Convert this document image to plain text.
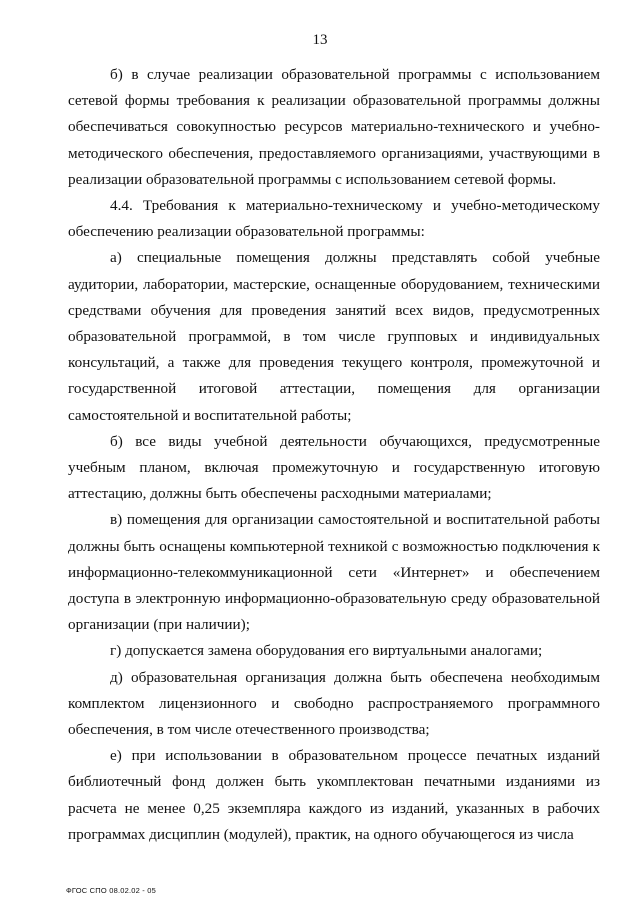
13

б) в случае реализации образовательной программы с использованием сетевой формы требования к реализации образовательной программы должны обеспечиваться совокупностью ресурсов материально-технического и учебно-методического обеспечения, предоставляемого организациями, участвующими в реализации образовательной программы с использованием сетевой формы.

4.4. Требования к материально-техническому и учебно-методическому обеспечению реализации образовательной программы:

а) специальные помещения должны представлять собой учебные аудитории, лаборатории, мастерские, оснащенные оборудованием, техническими средствами обучения для проведения занятий всех видов, предусмотренных образовательной программой, в том числе групповых и индивидуальных консультаций, а также для проведения текущего контроля, промежуточной и государственной итоговой аттестации, помещения для организации самостоятельной и воспитательной работы;

б) все виды учебной деятельности обучающихся, предусмотренные учебным планом, включая промежуточную и государственную итоговую аттестацию, должны быть обеспечены расходными материалами;

в) помещения для организации самостоятельной и воспитательной работы должны быть оснащены компьютерной техникой с возможностью подключения к информационно-телекоммуникационной сети «Интернет» и обеспечением доступа в электронную информационно-образовательную среду образовательной организации (при наличии);

г) допускается замена оборудования его виртуальными аналогами;

д) образовательная организация должна быть обеспечена необходимым комплектом лицензионного и свободно распространяемого программного обеспечения, в том числе отечественного производства;

е) при использовании в образовательном процессе печатных изданий библиотечный фонд должен быть укомплектован печатными изданиями из расчета не менее 0,25 экземпляра каждого из изданий, указанных в рабочих программах дисциплин (модулей), практик, на одного обучающегося из числа

ФГОС СПО 08.02.02 - 05
